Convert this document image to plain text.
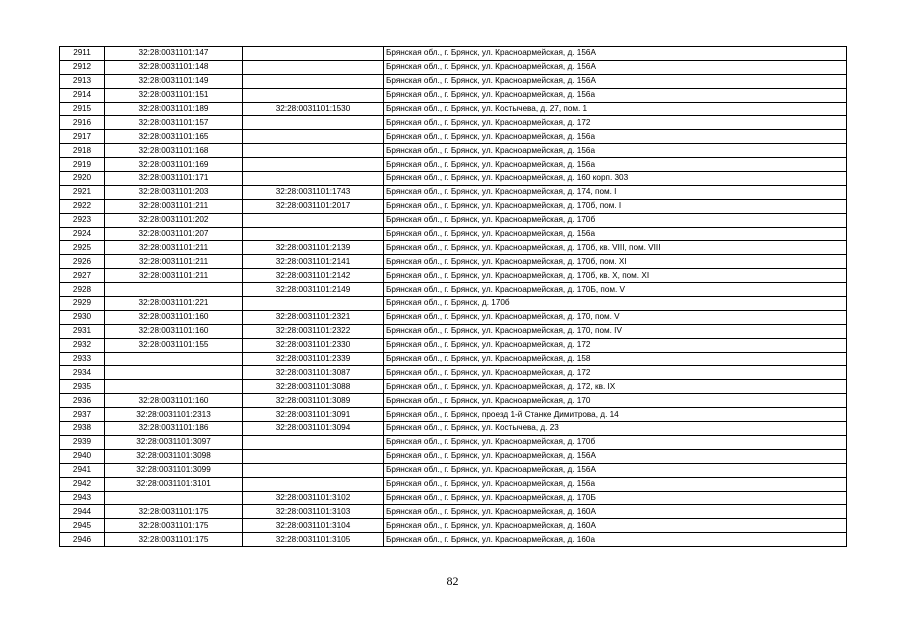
2911	32:28:0031101:147		Брянская обл., г. Брянск, ул. Красноармейская, д. 156А
2912	32:28:0031101:148		Брянская обл., г. Брянск, ул. Красноармейская, д. 156А
2913	32:28:0031101:149		Брянская обл., г. Брянск, ул. Красноармейская, д. 156А
2914	32:28:0031101:151		Брянская обл., г. Брянск, ул. Красноармейская, д. 156а
2915	32:28:0031101:189	32:28:0031101:1530	Брянская обл., г. Брянск, ул. Костычева, д. 27, пом. 1
2916	32:28:0031101:157		Брянская обл., г. Брянск, ул. Красноармейская, д. 172
2917	32:28:0031101:165		Брянская обл., г. Брянск, ул. Красноармейская, д. 156а
2918	32:28:0031101:168		Брянская обл., г. Брянск, ул. Красноармейская, д. 156а
2919	32:28:0031101:169		Брянская обл., г. Брянск, ул. Красноармейская, д. 156а
2920	32:28:0031101:171		Брянская обл., г. Брянск, ул. Красноармейская, д. 160 корп. 303
2921	32:28:0031101:203	32:28:0031101:1743	Брянская обл., г. Брянск, ул. Красноармейская, д. 174, пом. I
2922	32:28:0031101:211	32:28:0031101:2017	Брянская обл., г. Брянск, ул. Красноармейская, д. 170б, пом. I
2923	32:28:0031101:202		Брянская обл., г. Брянск, ул. Красноармейская, д. 170б
2924	32:28:0031101:207		Брянская обл., г. Брянск, ул. Красноармейская, д. 156а
2925	32:28:0031101:211	32:28:0031101:2139	Брянская обл., г. Брянск, ул. Красноармейская, д. 170б, кв. VIII, пом. VIII
2926	32:28:0031101:211	32:28:0031101:2141	Брянская обл., г. Брянск, ул. Красноармейская, д. 170б, пом. XI
2927	32:28:0031101:211	32:28:0031101:2142	Брянская обл., г. Брянск, ул. Красноармейская, д. 170б, кв. X, пом. XI
2928		32:28:0031101:2149	Брянская обл., г. Брянск, ул. Красноармейская, д. 170Б, пом. V
2929	32:28:0031101:221		Брянская обл., г. Брянск, д. 170б
2930	32:28:0031101:160	32:28:0031101:2321	Брянская обл., г. Брянск, ул. Красноармейская, д. 170, пом. V
2931	32:28:0031101:160	32:28:0031101:2322	Брянская обл., г. Брянск, ул. Красноармейская, д. 170, пом. IV
2932	32:28:0031101:155	32:28:0031101:2330	Брянская обл., г. Брянск, ул. Красноармейская, д. 172
2933		32:28:0031101:2339	Брянская обл., г. Брянск, ул. Красноармейская, д. 158
2934		32:28:0031101:3087	Брянская обл., г. Брянск, ул. Красноармейская, д. 172
2935		32:28:0031101:3088	Брянская обл., г. Брянск, ул. Красноармейская, д. 172, кв. IX
2936	32:28:0031101:160	32:28:0031101:3089	Брянская обл., г. Брянск, ул. Красноармейская, д. 170
2937	32:28:0031101:2313	32:28:0031101:3091	Брянская обл., г. Брянск, проезд 1-й Станке Димитрова, д. 14
2938	32:28:0031101:186	32:28:0031101:3094	Брянская обл., г. Брянск, ул. Костычева, д. 23
2939	32:28:0031101:3097		Брянская обл., г. Брянск, ул. Красноармейская, д. 170б
2940	32:28:0031101:3098		Брянская обл., г. Брянск, ул. Красноармейская, д. 156А
2941	32:28:0031101:3099		Брянская обл., г. Брянск, ул. Красноармейская, д. 156А
2942	32:28:0031101:3101		Брянская обл., г. Брянск, ул. Красноармейская, д. 156а
2943		32:28:0031101:3102	Брянская обл., г. Брянск, ул. Красноармейская, д. 170Б
2944	32:28:0031101:175	32:28:0031101:3103	Брянская обл., г. Брянск, ул. Красноармейская, д. 160А
2945	32:28:0031101:175	32:28:0031101:3104	Брянская обл., г. Брянск, ул. Красноармейская, д. 160А
2946	32:28:0031101:175	32:28:0031101:3105	Брянская обл., г. Брянск, ул. Красноармейская, д. 160а
82
